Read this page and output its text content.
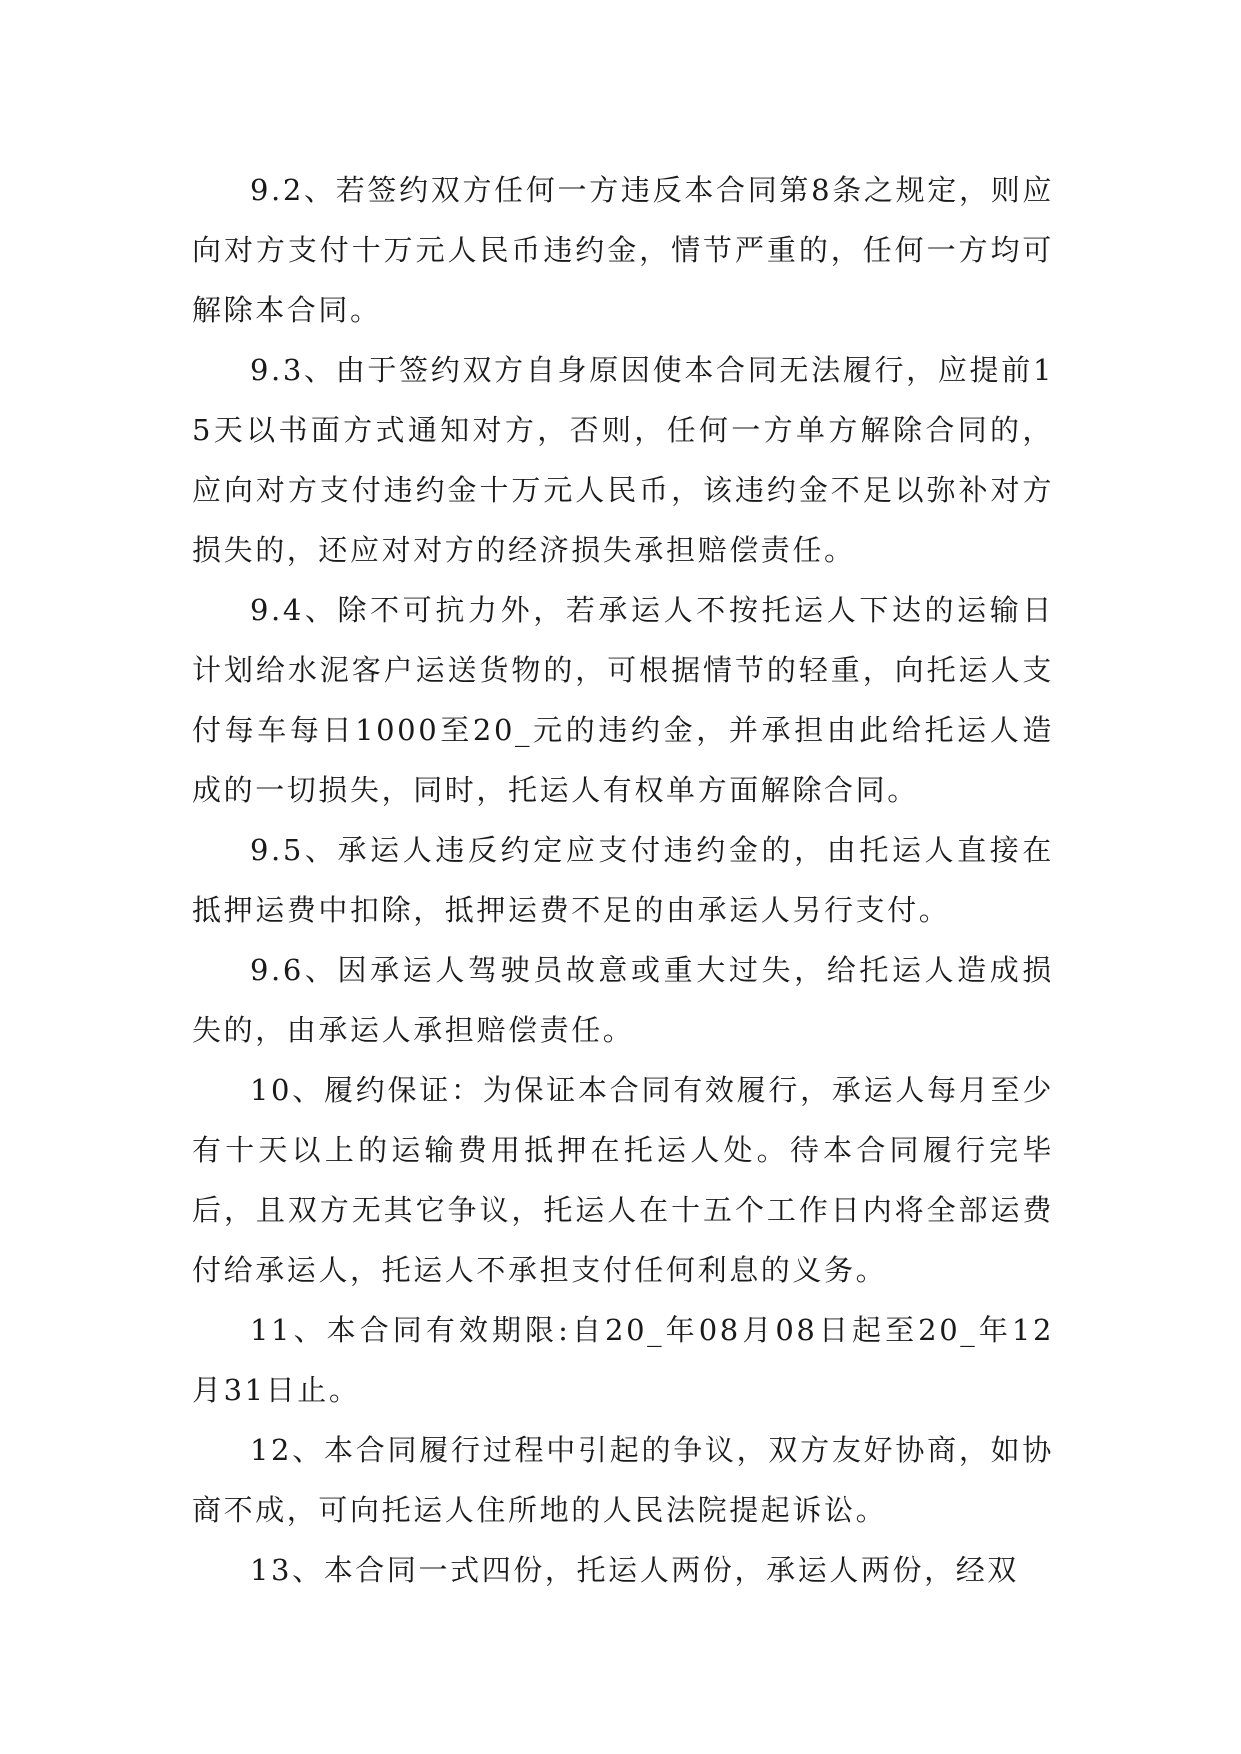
9.2、若签约双方任何一方违反本合同第8条之规定，则应向对方支付十万元人民币违约金，情节严重的，任何一方均可解除本合同。

9.3、由于签约双方自身原因使本合同无法履行，应提前15天以书面方式通知对方，否则，任何一方单方解除合同的，应向对方支付违约金十万元人民币，该违约金不足以弥补对方损失的，还应对对方的经济损失承担赔偿责任。

9.4、除不可抗力外，若承运人不按托运人下达的运输日计划给水泥客户运送货物的，可根据情节的轻重，向托运人支付每车每日1000至20_元的违约金，并承担由此给托运人造成的一切损失，同时，托运人有权单方面解除合同。

9.5、承运人违反约定应支付违约金的，由托运人直接在抵押运费中扣除，抵押运费不足的由承运人另行支付。

9.6、因承运人驾驶员故意或重大过失，给托运人造成损失的，由承运人承担赔偿责任。

10、履约保证：为保证本合同有效履行，承运人每月至少有十天以上的运输费用抵押在托运人处。待本合同履行完毕后，且双方无其它争议，托运人在十五个工作日内将全部运费付给承运人，托运人不承担支付任何利息的义务。

11、本合同有效期限:自20_年08月08日起至20_年12月31日止。

12、本合同履行过程中引起的争议，双方友好协商，如协商不成，可向托运人住所地的人民法院提起诉讼。

13、本合同一式四份，托运人两份，承运人两份，经双
